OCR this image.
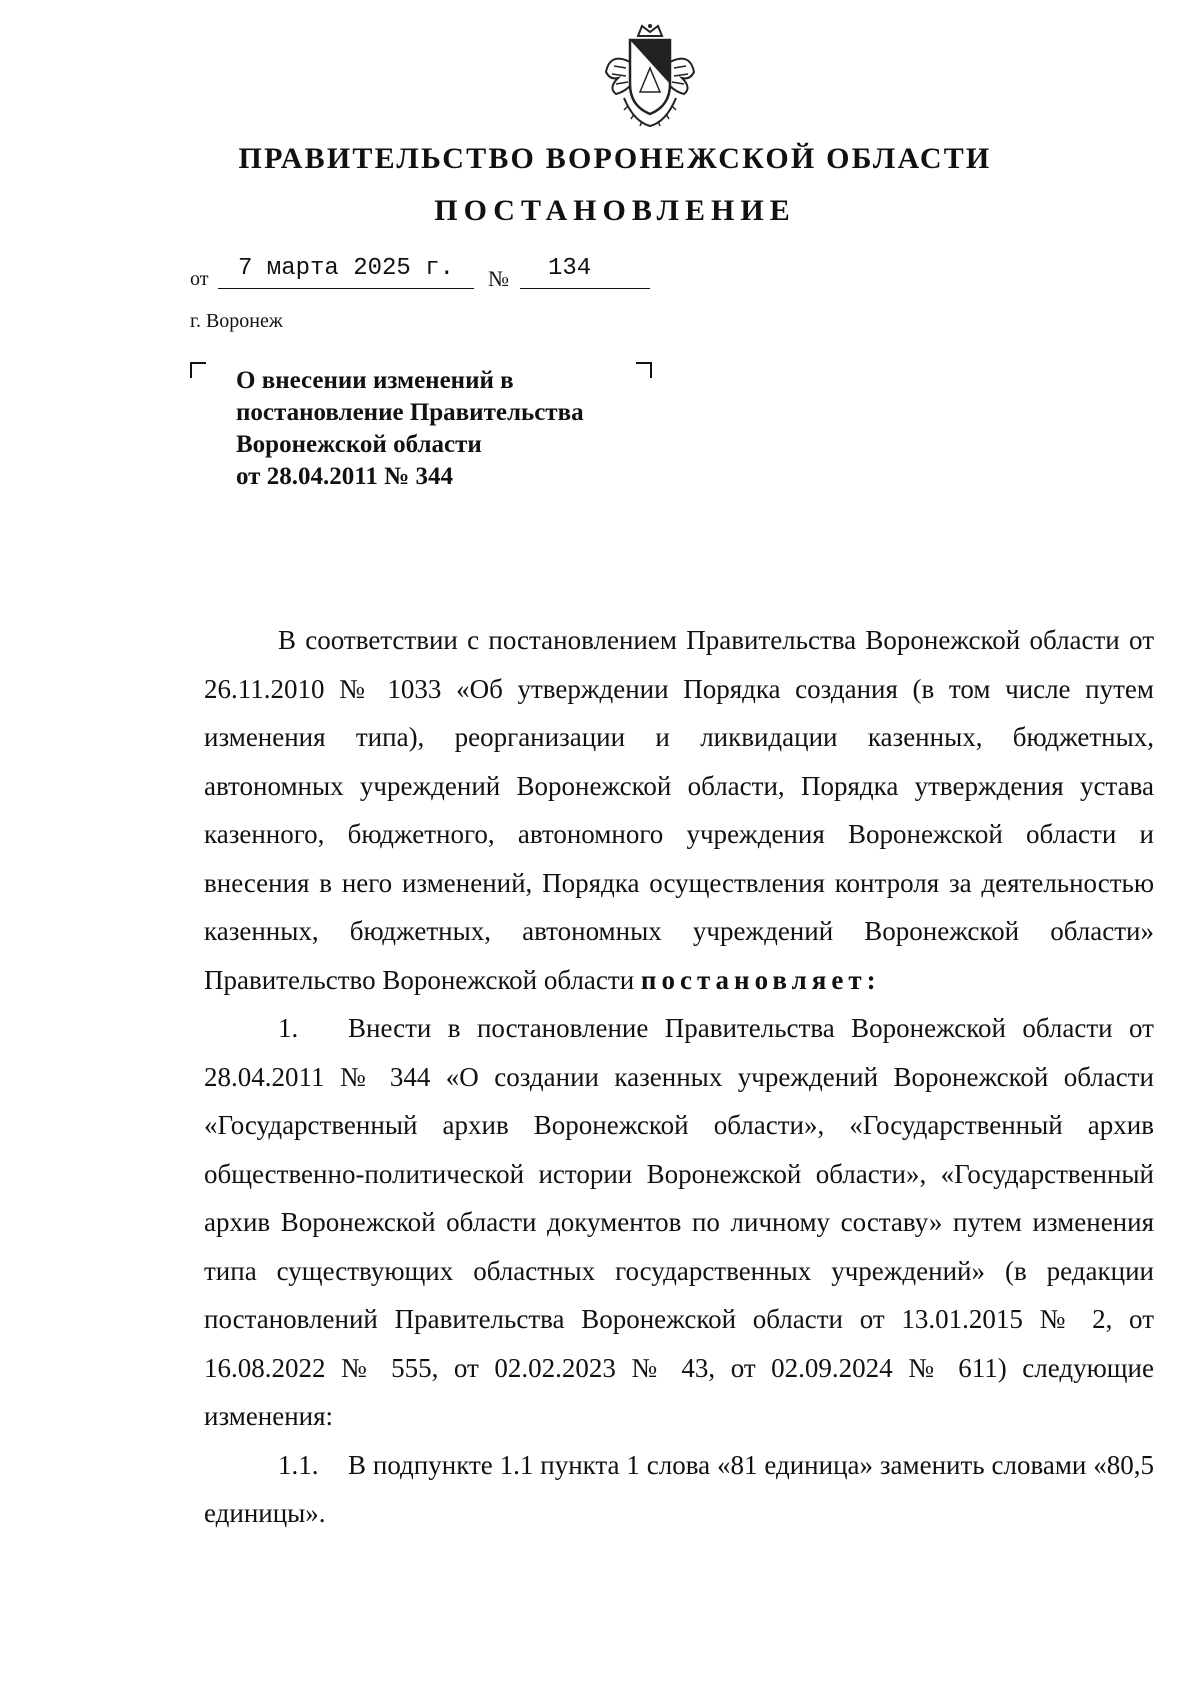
ПРАВИТЕЛЬСТВО ВОРОНЕЖСКОЙ ОБЛАСТИ
ПОСТАНОВЛЕНИЕ
от 7 марта 2025 г. № 134
г. Воронеж
О внесении изменений в
постановление Правительства
Воронежской области
от 28.04.2011 № 344

В соответствии с постановлением Правительства Воронежской области от 26.11.2010 № 1033 «Об утверждении Порядка создания (в том числе путем изменения типа), реорганизации и ликвидации казенных, бюджетных, автономных учреждений Воронежской области, Порядка утверждения устава казенного, бюджетного, автономного учреждения Воронежской области и внесения в него изменений, Порядка осуществления контроля за деятельностью казенных, бюджетных, автономных учреждений Воронежской области» Правительство Воронежской области постановляет:

1. Внести в постановление Правительства Воронежской области от 28.04.2011 № 344 «О создании казенных учреждений Воронежской области «Государственный архив Воронежской области», «Государственный архив общественно-политической истории Воронежской области», «Государственный архив Воронежской области документов по личному составу» путем изменения типа существующих областных государственных учреждений» (в редакции постановлений Правительства Воронежской области от 13.01.2015 № 2, от 16.08.2022 № 555, от 02.02.2023 № 43, от 02.09.2024 № 611) следующие изменения:

1.1. В подпункте 1.1 пункта 1 слова «81 единица» заменить словами «80,5 единицы».
